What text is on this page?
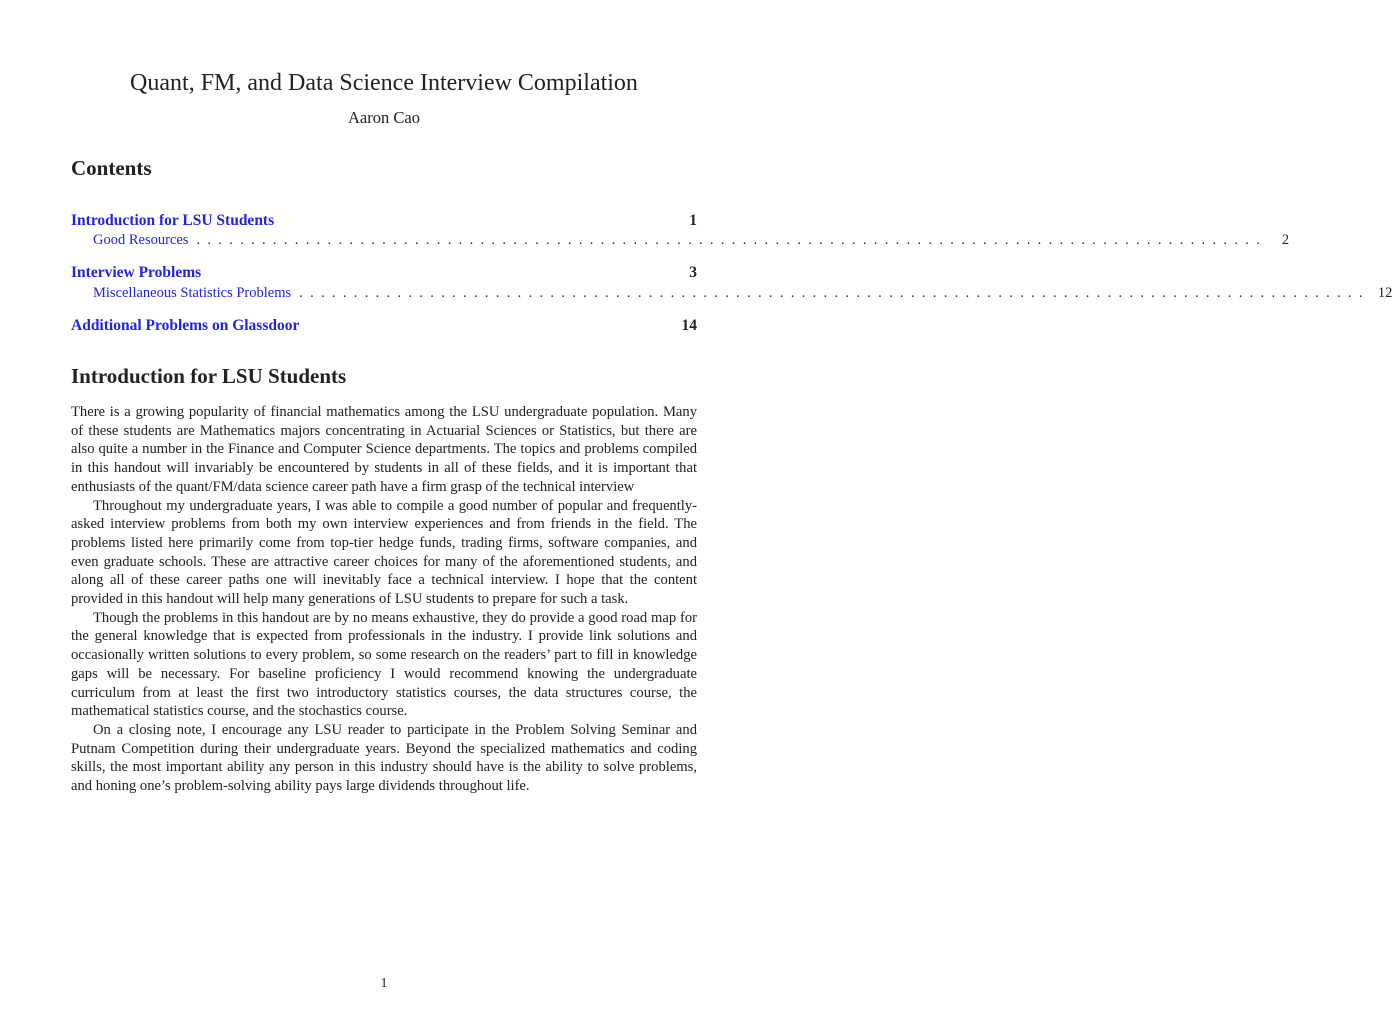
Quant, FM, and Data Science Interview Compilation
Aaron Cao
Contents
Introduction for LSU Students	1
Good Resources ..................................................................................................	2
Interview Problems	3
Miscellaneous Statistics Problems .................................................................................................. 12
Additional Problems on Glassdoor	14
Introduction for LSU Students

There is a growing popularity of financial mathematics among the LSU undergraduate population. Many of these students are Mathematics majors concentrating in Actuarial Sciences or Statistics, but there are also quite a number in the Finance and Computer Science departments. The topics and problems compiled in this handout will invariably be encountered by students in all of these fields, and it is important that enthusiasts of the quant/FM/data science career path have a firm grasp of the technical interview

Throughout my undergraduate years, I was able to compile a good number of popular and frequently-asked interview problems from both my own interview experiences and from friends in the field. The problems listed here primarily come from top-tier hedge funds, trading firms, software companies, and even graduate schools. These are attractive career choices for many of the aforementioned students, and along all of these career paths one will inevitably face a technical interview. I hope that the content provided in this handout will help many generations of LSU students to prepare for such a task.

Though the problems in this handout are by no means exhaustive, they do provide a good road map for the general knowledge that is expected from professionals in the industry. I provide link solutions and occasionally written solutions to every problem, so some research on the readers’ part to fill in knowledge gaps will be necessary. For baseline proficiency I would recommend knowing the undergraduate curriculum from at least the first two introductory statistics courses, the data structures course, the mathematical statistics course, and the stochastics course.

On a closing note, I encourage any LSU reader to participate in the Problem Solving Seminar and Putnam Competition during their undergraduate years. Beyond the specialized mathematics and coding skills, the most important ability any person in this industry should have is the ability to solve problems, and honing one’s problem-solving ability pays large dividends throughout life.

1
